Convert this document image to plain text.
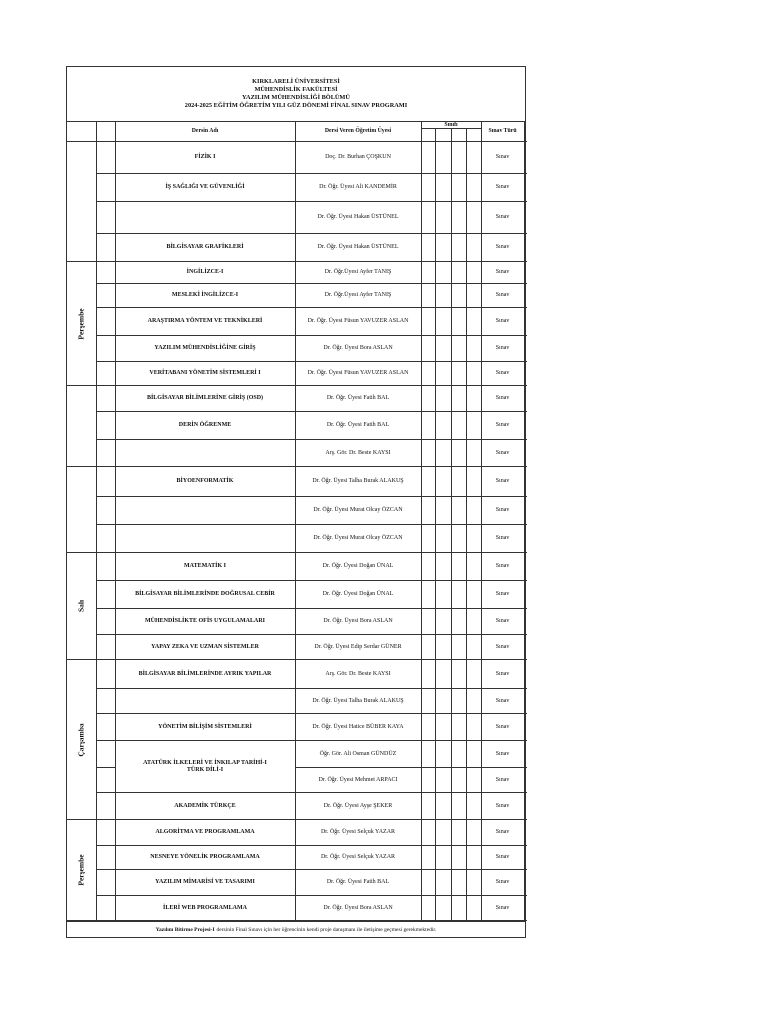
KIRKLARELİ ÜNİVERSİTESİ
MÜHENDİSLİK FAKÜLTESİ
YAZILIM MÜHENDİSLİĞİ BÖLÜMÜ
2024-2025 EĞİTİM ÖĞRETİM YILI GÜZ DÖNEMİ FİNAL SINAV PROGRAMI
		Dersin Adı	Dersi Veren Öğretim Üyesi	Sınıfı				Sınav Türü	

		FİZİK I	Doç. Dr. Burhan ÇOŞKUN					Sınav	
		İŞ SAĞLIĞI VE GÜVENLİĞİ	Dr. Öğr. Üyesi Ali KANDEMİR					Sınav	
			Dr. Öğr. Üyesi Hakan ÜSTÜNEL					Sınav	
		BİLGİSAYAR GRAFİKLERİ	Dr. Öğr. Üyesi Hakan ÜSTÜNEL					Sınav	

Perşembe		İNGİLİZCE-I	Dr. Öğr.Üyesi Ayfer TANIŞ					Sınav	
		MESLEKİ İNGİLİZCE-I	Dr. Öğr.Üyesi Ayfer TANIŞ					Sınav	
		ARAŞTIRMA YÖNTEM VE TEKNİKLERİ	Dr. Öğr. Üyesi Füsun YAVUZER ASLAN					Sınav	
		YAZILIM MÜHENDİSLİĞİNE GİRİŞ	Dr. Öğr. Üyesi Bora ASLAN					Sınav	
		VERİTABANI YÖNETİM SİSTEMLERİ I	Dr. Öğr. Üyesi Füsun YAVUZER ASLAN					Sınav	
		BİLGİSAYAR BİLİMLERİNE GİRİŞ (OSD)	Dr. Öğr. Üyesi Fatih BAL					Sınav	
		DERİN ÖĞRENME	Dr. Öğr. Üyesi Fatih BAL					Sınav	
			Arş. Gör. Dr. Beste KAYSI					Sınav	
		BİYOENFORMATİK	Dr. Öğr. Üyesi Talha Burak ALAKUŞ					Sınav	
			Dr. Öğr. Üyesi Murat Olcay ÖZCAN					Sınav	
			Dr. Öğr. Üyesi Murat Olcay ÖZCAN					Sınav	

Salı		MATEMATİK I	Dr. Öğr. Üyesi Doğan ÜNAL					Sınav	
		BİLGİSAYAR BİLİMLERİNDE DOĞRUSAL CEBİR	Dr. Öğr. Üyesi Doğan ÜNAL					Sınav	
		MÜHENDİSLİKTE OFİS UYGULAMALARI	Dr. Öğr. Üyesi Bora ASLAN					Sınav	
		YAPAY ZEKA VE UZMAN SİSTEMLER	Dr. Öğr. Üyesi Edip Serdar GÜNER					Sınav	

Çarşamba		BİLGİSAYAR BİLİMLERİNDE AYRIK YAPILAR	Arş. Gör. Dr. Beste KAYSI					Sınav	
			Dr. Öğr. Üyesi Talha Burak ALAKUŞ					Sınav	
		YÖNETİM BİLİŞİM SİSTEMLERİ	Dr. Öğr. Üyesi Hatice BÜBER KAYA					Sınav	

		ATATÜRK İLKELERİ VE İNKILAP TARİHİ-I
TÜRK DİLİ-I	Öğr. Gör. Ali Osman GÜNDÜZ					Sınav	
			Dr. Öğr. Üyesi Mehmet ARPACI					Sınav	
		AKADEMİK TÜRKÇE	Dr. Öğr. Üyesi Ayşe ŞEKER					Sınav	

Perşembe		ALGORİTMA VE PROGRAMLAMA	Dr. Öğr. Üyesi Selçuk YAZAR					Sınav	
		NESNEYE YÖNELİK PROGRAMLAMA	Dr. Öğr. Üyesi Selçuk YAZAR					Sınav	
		YAZILIM MİMARİSİ VE TASARIMI	Dr. Öğr. Üyesi Fatih BAL					Sınav	
		İLERİ WEB PROGRAMLAMA	Dr. Öğr. Üyesi Bora ASLAN					Sınav	
Yazılım Bitirme Projesi-I dersinin Final Sınavı için her öğrencinin kendi proje danışmanı ile iletişime geçmesi gerekmektedir.
